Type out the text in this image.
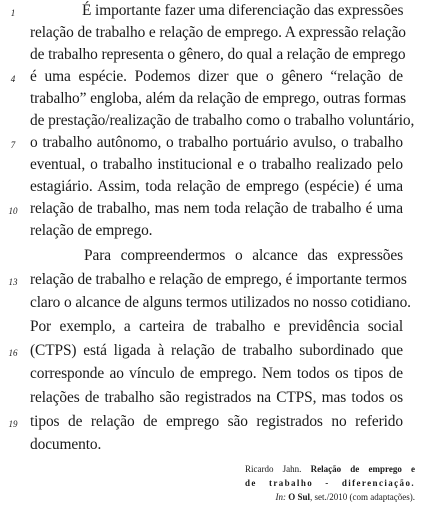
É importante fazer uma diferenciação das expressões
relação de trabalho e relação de emprego. A expressão relação
de trabalho representa o gênero, do qual a relação de emprego
é uma espécie. Podemos dizer que o gênero “relação de
trabalho” engloba, além da relação de emprego, outras formas
de prestação/realização de trabalho como o trabalho voluntário,
o trabalho autônomo, o trabalho portuário avulso, o trabalho
eventual, o trabalho institucional e o trabalho realizado pelo
estagiário. Assim, toda relação de emprego (espécie) é uma
relação de trabalho, mas nem toda relação de trabalho é uma
relação de emprego.
Para compreendermos o alcance das expressões
relação de trabalho e relação de emprego, é importante termos
claro o alcance de alguns termos utilizados no nosso cotidiano.
Por exemplo, a carteira de trabalho e previdência social
(CTPS) está ligada à relação de trabalho subordinado que
corresponde ao vínculo de emprego. Nem todos os tipos de
relações de trabalho são registrados na CTPS, mas todos os
tipos de relação de emprego são registrados no referido
documento.
1
4
7
10
13
16
19
Ricardo Jahn. Relação de emprego e
de trabalho - diferenciação.
In: O Sul, set./2010 (com adaptações).
